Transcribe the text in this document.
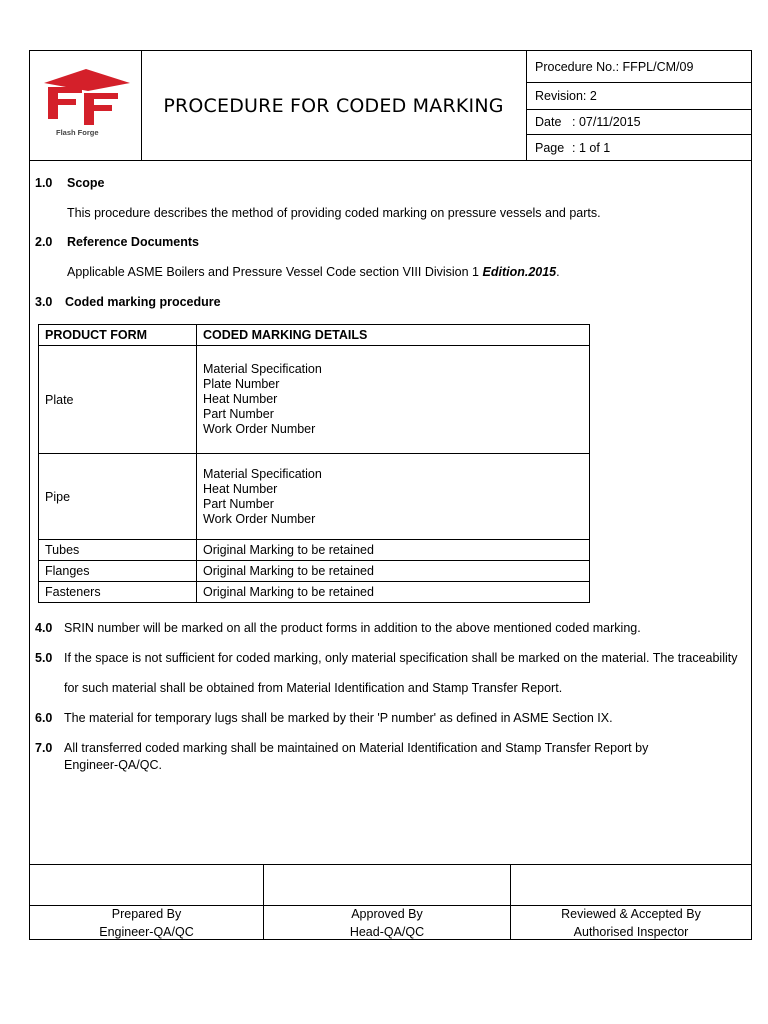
Flash Forge
PROCEDURE FOR CODED MARKING
Procedure No.: FFPL/CM/09
Revision: 2
Date : 07/11/2015
Page : 1 of 1
1.0 Scope
This procedure describes the method of providing coded marking on pressure vessels and parts.
2.0 Reference Documents
Applicable ASME Boilers and Pressure Vessel Code section VIII Division 1 Edition.2015.
3.0 Coded marking procedure
PRODUCT FORM	CODED MARKING DETAILS
Plate	Material Specification
Plate Number
Heat Number
Part Number
Work Order Number

Pipe	Material Specification
Heat Number
Part Number
Work Order Number

Tubes	Original Marking to be retained
Flanges	Original Marking to be retained
Fasteners	Original Marking to be retained
4.0 SRIN number will be marked on all the product forms in addition to the above mentioned coded marking.
5.0 If the space is not sufficient for coded marking, only material specification shall be marked on the material. The traceability
for such material shall be obtained from Material Identification and Stamp Transfer Report.
6.0 The material for temporary lugs shall be marked by their 'P number' as defined in ASME Section IX.
7.0 All transferred coded marking shall be maintained on Material Identification and Stamp Transfer Report by
Engineer-QA/QC.
Prepared By
Engineer-QA/QC
Approved By
Head-QA/QC
Reviewed & Accepted By
Authorised Inspector
